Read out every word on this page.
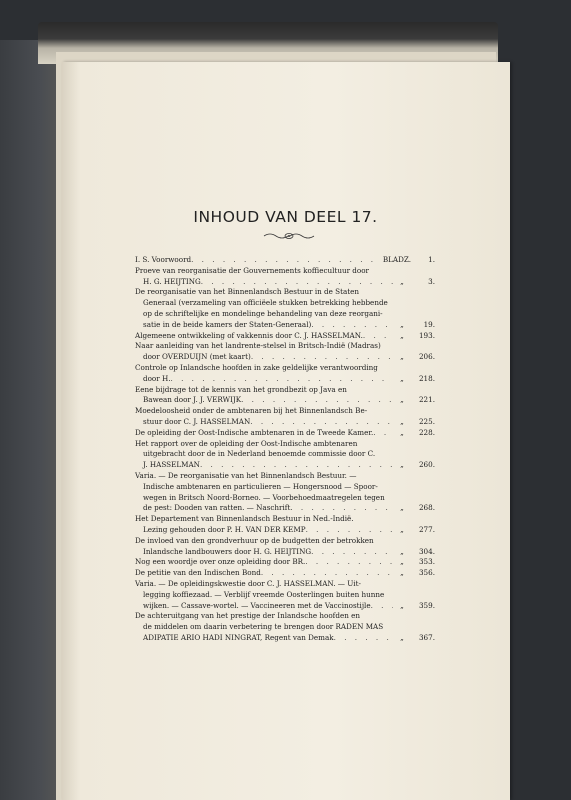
INHOUD VAN DEEL 17.
I. S. Voorwoord . . .	BLADZ.	1.
Proeve van reorganisatie der Gouvernements koffiecultuur door
H. G. HEIJTING . . .	„	3.
De reorganisatie van het Binnenlandsch Bestuur in de Staten
Generaal (verzameling van officiëele stukken betrekking hebbende
op de schriftelijke en mondelinge behandeling van deze reorgani-
satie in de beide kamers der Staten-Generaal) . . .	„	19.
Algemeene ontwikkeling of vakkennis door C. J. HASSELMAN. . . .	„	193.
Naar aanleiding van het landrente-stelsel in Britsch-Indië (Madras)
door OVERDUIJN (met kaart) . . .	„	206.
Controle op Inlandsche hoofden in zake geldelijke verantwoording
door H. . . .	„	218.
Eene bijdrage tot de kennis van het grondbezit op Java en
Bawean door J. J. VERWIJK . . .	„	221.
Moedeloosheid onder de ambtenaren bij het Binnenlandsch Be-
stuur door C. J. HASSELMAN . . .	„	225.
De opleiding der Oost-Indische ambtenaren in de Tweede Kamer. . . .	„	228.
Het rapport over de opleiding der Oost-Indische ambtenaren
uitgebracht door de in Nederland benoemde commissie door C.
J. HASSELMAN . . .	„	260.
Varia. — De reorganisatie van het Binnenlandsch Bestuur. —
Indische ambtenaren en particulieren — Hongersnood — Spoor-
wegen in Britsch Noord-Borneo. — Voorbehoedmaatregelen tegen
de pest: Dooden van ratten. — Naschrift . . .	„	268.
Het Departement van Binnenlandsch Bestuur in Ned.-Indië.
Lezing gehouden door P. H. VAN DER KEMP . . .	„	277.
De invloed van den grondverhuur op de budgetten der betrokken
Inlandsche landbouwers door H. G. HEIJTING . . .	„	304.
Nog een woordje over onze opleiding door BR. . . .	„	353.
De petitie van den Indischen Bond . . .	„	356.
Varia. — De opleidingskwestie door C. J. HASSELMAN. — Uit-
legging koffiezaad. — Verblijf vreemde Oosterlingen buiten hunne
wijken. — Cassave-wortel. — Vaccineeren met de Vaccinostijle . . .	„	359.
De achteruitgang van het prestige der Inlandsche hoofden en
de middelen om daarin verbetering te brengen door RADEN MAS
ADIPATIE ARIO HADI NINGRAT, Regent van Demak . . .	„	367.
